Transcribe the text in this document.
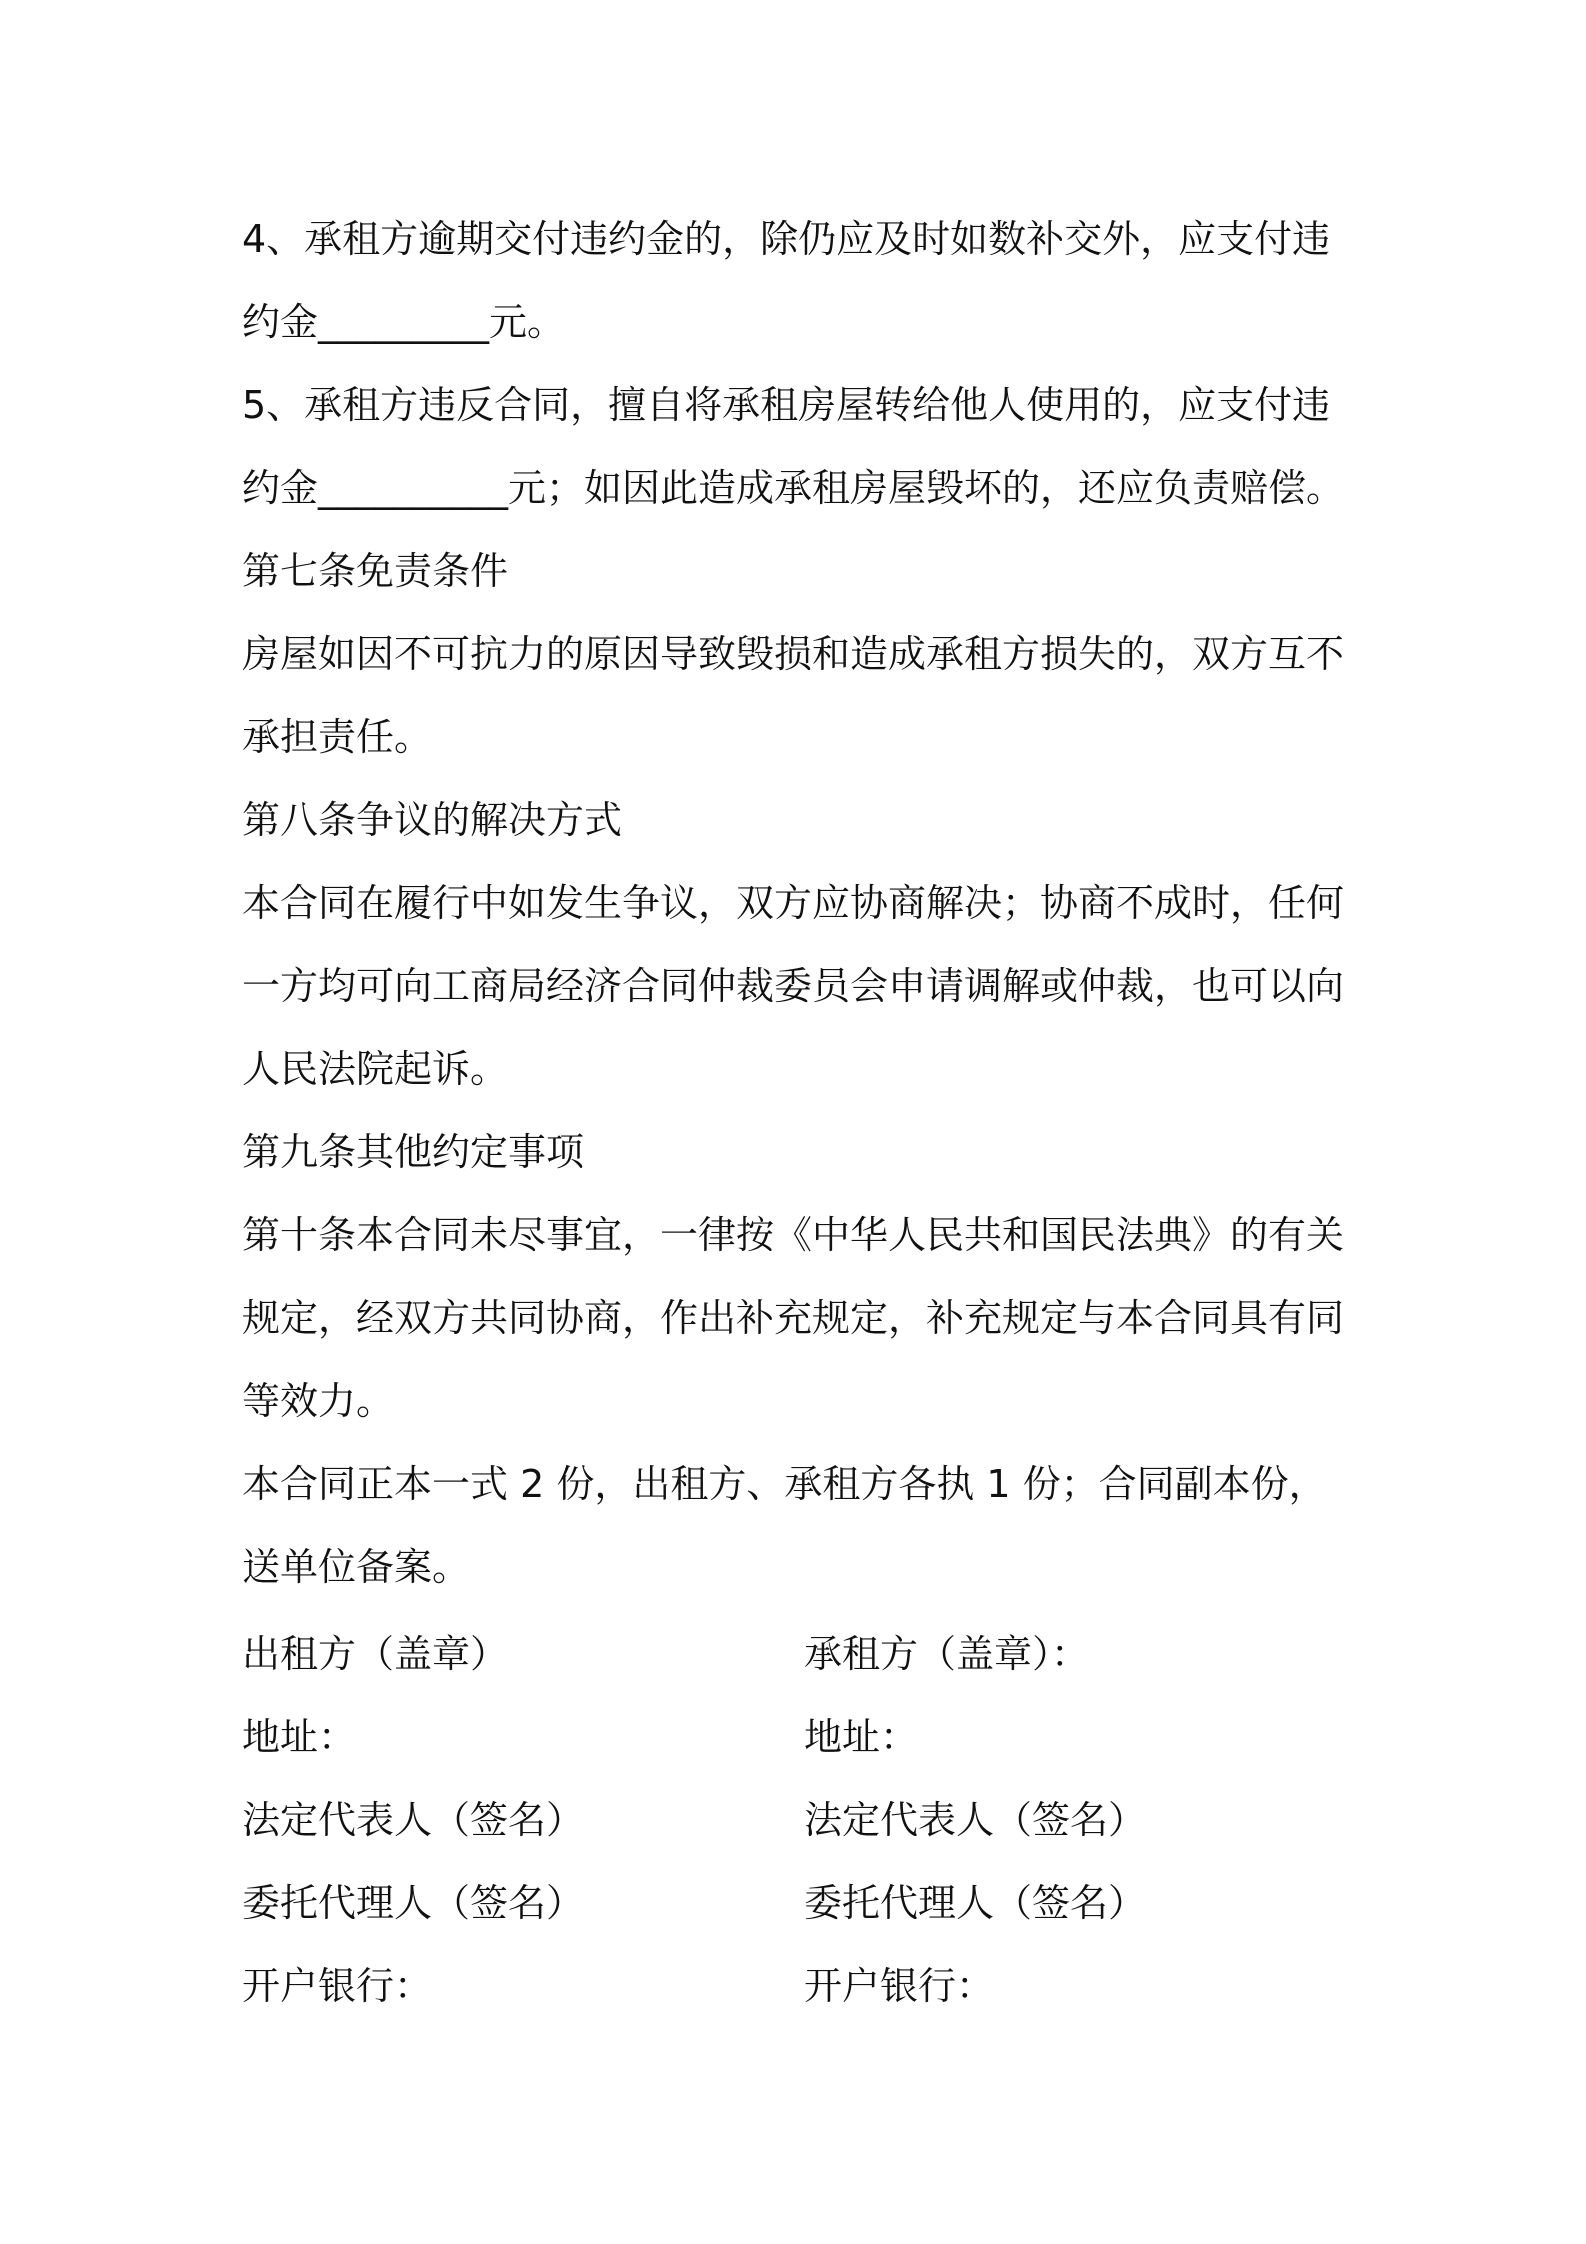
4、承租方逾期交付违约金的，除仍应及时如数补交外，应支付违约金_________元。

5、承租方违反合同，擅自将承租房屋转给他人使用的，应支付违约金__________元；如因此造成承租房屋毁坏的，还应负责赔偿。

第七条免责条件

房屋如因不可抗力的原因导致毁损和造成承租方损失的，双方互不承担责任。

第八条争议的解决方式

本合同在履行中如发生争议，双方应协商解决；协商不成时，任何一方均可向工商局经济合同仲裁委员会申请调解或仲裁，也可以向人民法院起诉。

第九条其他约定事项

第十条本合同未尽事宜，一律按《中华人民共和国民法典》的有关规定，经双方共同协商，作出补充规定，补充规定与本合同具有同等效力。

本合同正本一式 2 份，出租方、承租方各执 1 份；合同副本份，送单位备案。

出租方（盖章）	承租方（盖章）：
地址：	地址：
法定代表人（签名）	法定代表人（签名）
委托代理人（签名）	委托代理人（签名）
开户银行：	开户银行：
